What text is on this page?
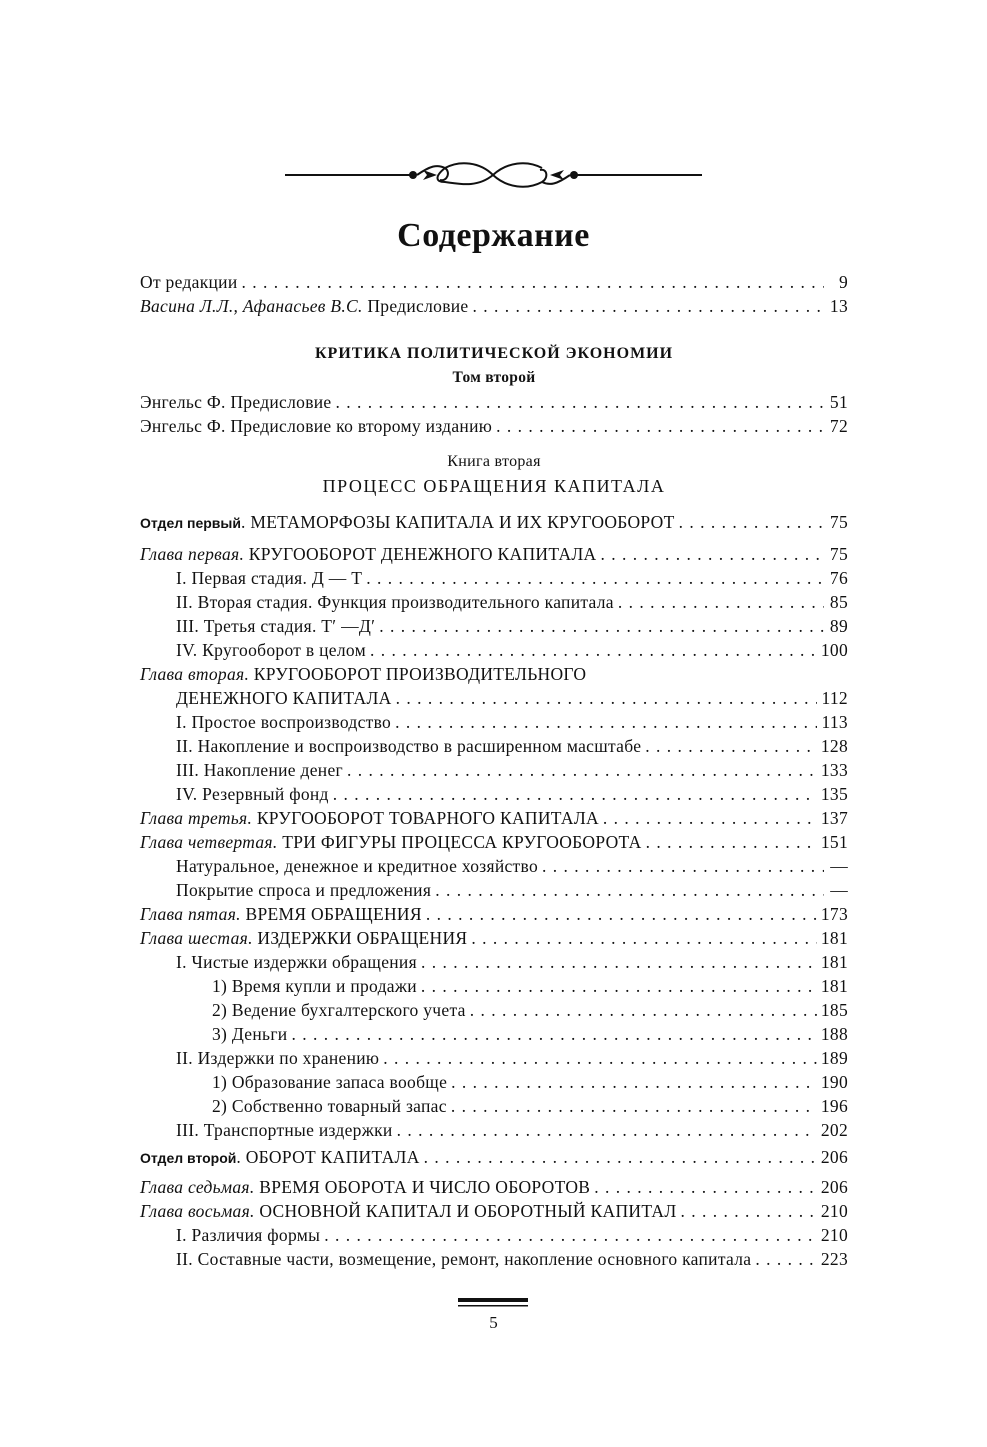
Содержание
От редакции . . .	9
Васина Л.Л., Афанасьев В.С. Предисловие . . .	13
КРИТИКА ПОЛИТИЧЕСКОЙ ЭКОНОМИИ
Том второй
Энгельс Ф. Предисловие . . .	51
Энгельс Ф. Предисловие ко второму изданию . . .	72
Книга вторая
ПРОЦЕСС ОБРАЩЕНИЯ КАПИТАЛА
Отдел первый. МЕТАМОРФОЗЫ КАПИТАЛА И ИХ КРУГООБОРОТ . . .	75
Глава первая. КРУГООБОРОТ ДЕНЕЖНОГО КАПИТАЛА . . .	75
I. Первая стадия. Д — Т . . .	76
II. Вторая стадия. Функция производительного капитала . . .	85
III. Третья стадия. Т′ —Д′ . . .	89
IV. Кругооборот в целом . . .	100
Глава вторая. КРУГООБОРОТ ПРОИЗВОДИТЕЛЬНОГО
ДЕНЕЖНОГО КАПИТАЛА . . .	112
I. Простое воспроизводство . . .	113
II. Накопление и воспроизводство в расширенном масштабе . . .	128
III. Накопление денег . . .	133
IV. Резервный фонд . . .	135
Глава третья. КРУГООБОРОТ ТОВАРНОГО КАПИТАЛА . . .	137
Глава четвертая. ТРИ ФИГУРЫ ПРОЦЕССА КРУГООБОРОТА . . .	151
Натуральное, денежное и кредитное хозяйство . . .	—
Покрытие спроса и предложения . . .	—
Глава пятая. ВРЕМЯ ОБРАЩЕНИЯ . . .	173
Глава шестая. ИЗДЕРЖКИ ОБРАЩЕНИЯ . . .	181
I. Чистые издержки обращения . . .	181
1) Время купли и продажи . . .	181
2) Ведение бухгалтерского учета . . .	185
3) Деньги . . .	188
II. Издержки по хранению . . .	189
1) Образование запаса вообще . . .	190
2) Собственно товарный запас . . .	196
III. Транспортные издержки . . .	202
Отдел второй. ОБОРОТ КАПИТАЛА . . .	206
Глава седьмая. ВРЕМЯ ОБОРОТА И ЧИСЛО ОБОРОТОВ . . .	206
Глава восьмая. ОСНОВНОЙ КАПИТАЛ И ОБОРОТНЫЙ КАПИТАЛ . . .	210
I. Различия формы . . .	210
II. Составные части, возмещение, ремонт, накопление основного капитала . . .	223
5
